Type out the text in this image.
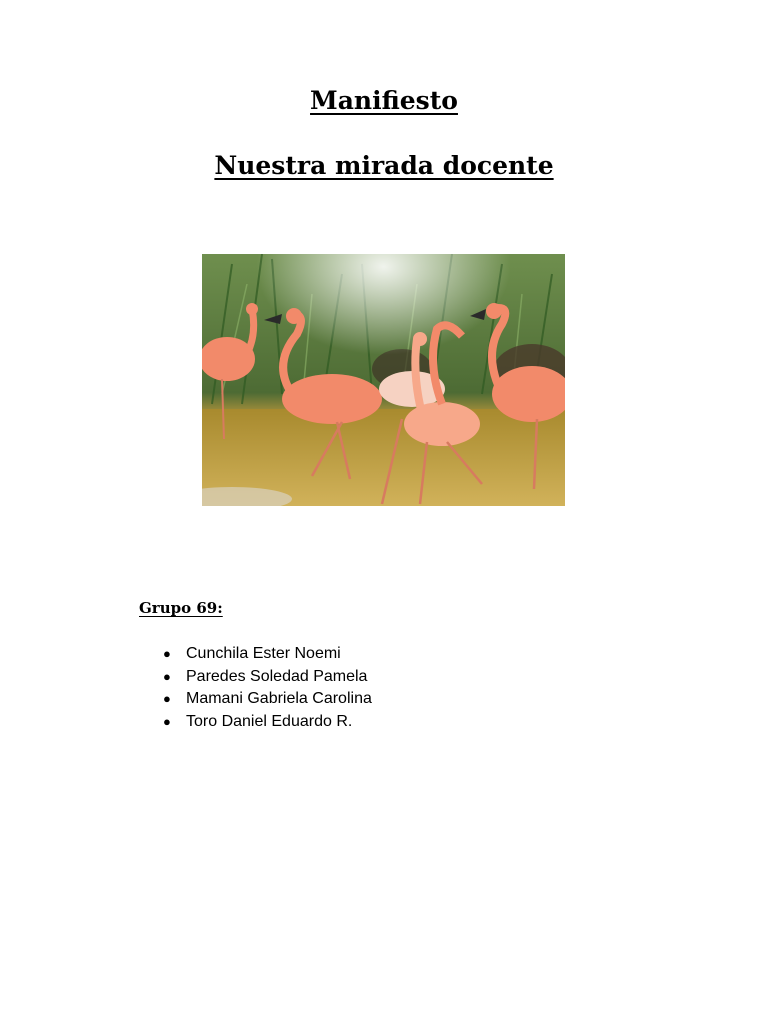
Manifiesto
Nuestra mirada docente

Grupo 69:

● Cunchila Ester Noemi
● Paredes Soledad Pamela
● Mamani Gabriela Carolina
● Toro Daniel Eduardo R.
